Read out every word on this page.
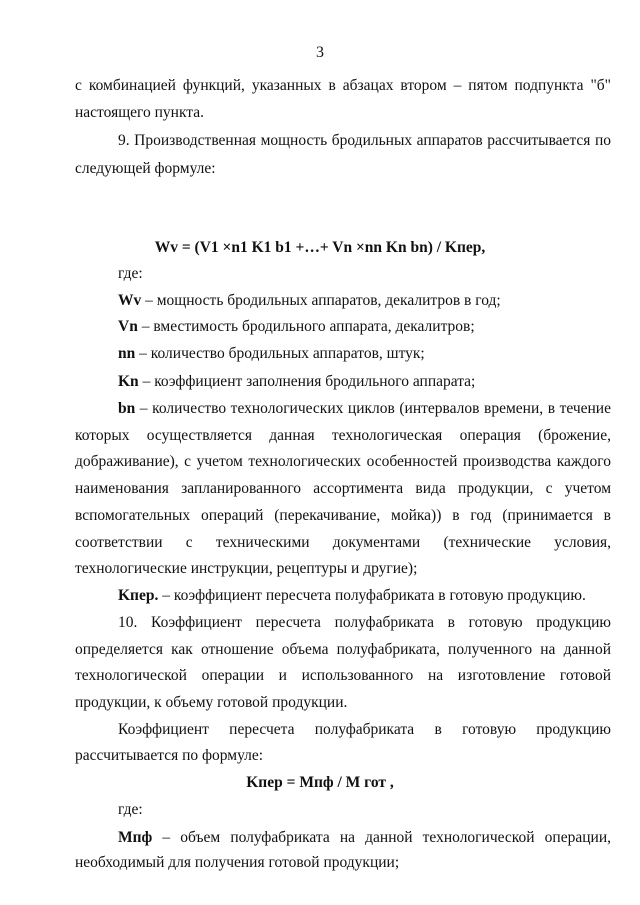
3
с комбинацией функций, указанных в абзацах втором – пятом подпункта "б"
настоящего пункта.
9. Производственная мощность бродильных аппаратов рассчитывается по
следующей формуле:
Wv = (V1 ×n1 K1 b1 +…+ Vn ×nn Kn bn) / Kпер,
где:
Wv – мощность бродильных аппаратов, декалитров в год;
Vn – вместимость бродильного аппарата, декалитров;
nn – количество бродильных аппаратов, штук;
Kn – коэффициент заполнения бродильного аппарата;
bn – количество технологических циклов (интервалов времени, в течение
которых осуществляется данная технологическая операция (брожение,
дображивание), с учетом технологических особенностей производства каждого
наименования запланированного ассортимента вида продукции, с учетом
вспомогательных операций (перекачивание, мойка)) в год (принимается в
соответствии с техническими документами (технические условия,
технологические инструкции, рецептуры и другие);
Kпер. – коэффициент пересчета полуфабриката в готовую продукцию.
10. Коэффициент пересчета полуфабриката в готовую продукцию
определяется как отношение объема полуфабриката, полученного на данной
технологической операции и использованного на изготовление готовой
продукции, к объему готовой продукции.
Коэффициент пересчета полуфабриката в готовую продукцию
рассчитывается по формуле:
Kпер = Mпф / M гот ,
где:
Mпф – объем полуфабриката на данной технологической операции,
необходимый для получения готовой продукции;
